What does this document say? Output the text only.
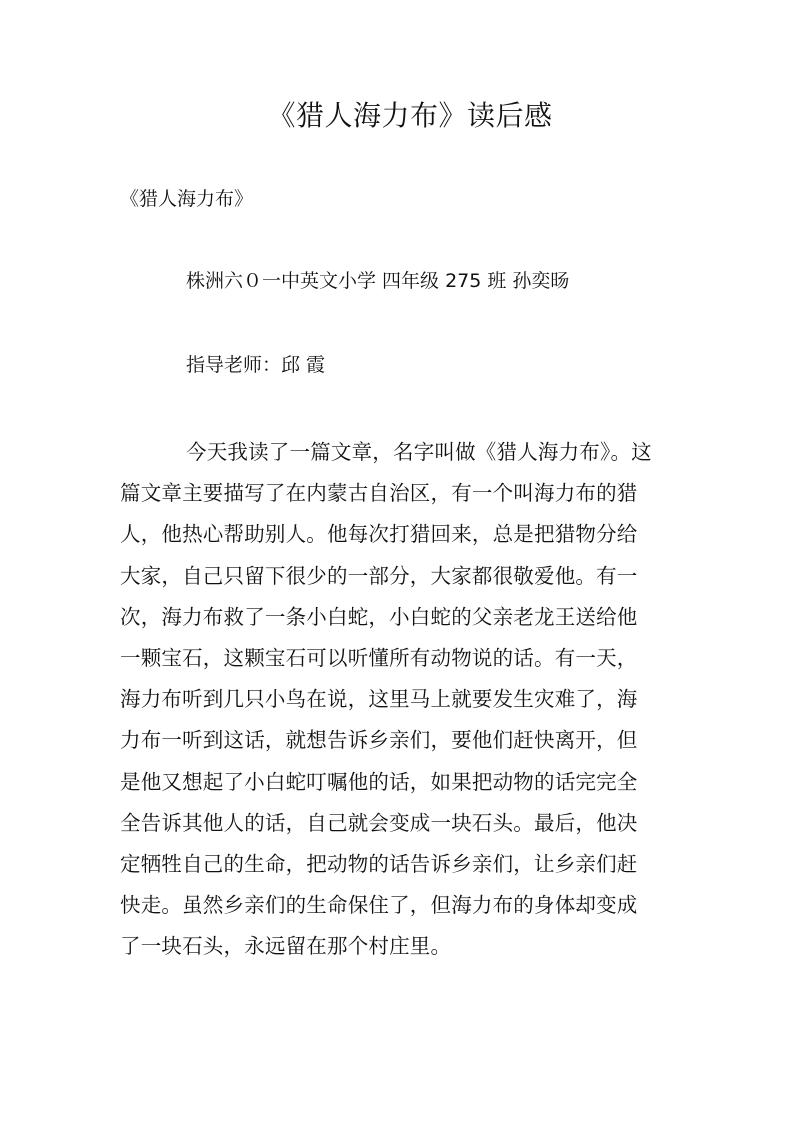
《猎人海力布》读后感

《猎人海力布》

株洲六０一中英文小学 四年级 275 班 孙奕旸

指导老师：邱 霞

今天我读了一篇文章，名字叫做《猎人海力布》。这
篇文章主要描写了在内蒙古自治区，有一个叫海力布的猎
人，他热心帮助别人。他每次打猎回来，总是把猎物分给
大家，自己只留下很少的一部分，大家都很敬爱他。有一
次，海力布救了一条小白蛇，小白蛇的父亲老龙王送给他
一颗宝石，这颗宝石可以听懂所有动物说的话。有一天，
海力布听到几只小鸟在说，这里马上就要发生灾难了，海
力布一听到这话，就想告诉乡亲们，要他们赶快离开，但
是他又想起了小白蛇叮嘱他的话，如果把动物的话完完全
全告诉其他人的话，自己就会变成一块石头。最后，他决
定牺牲自己的生命，把动物的话告诉乡亲们，让乡亲们赶
快走。虽然乡亲们的生命保住了，但海力布的身体却变成
了一块石头，永远留在那个村庄里。
